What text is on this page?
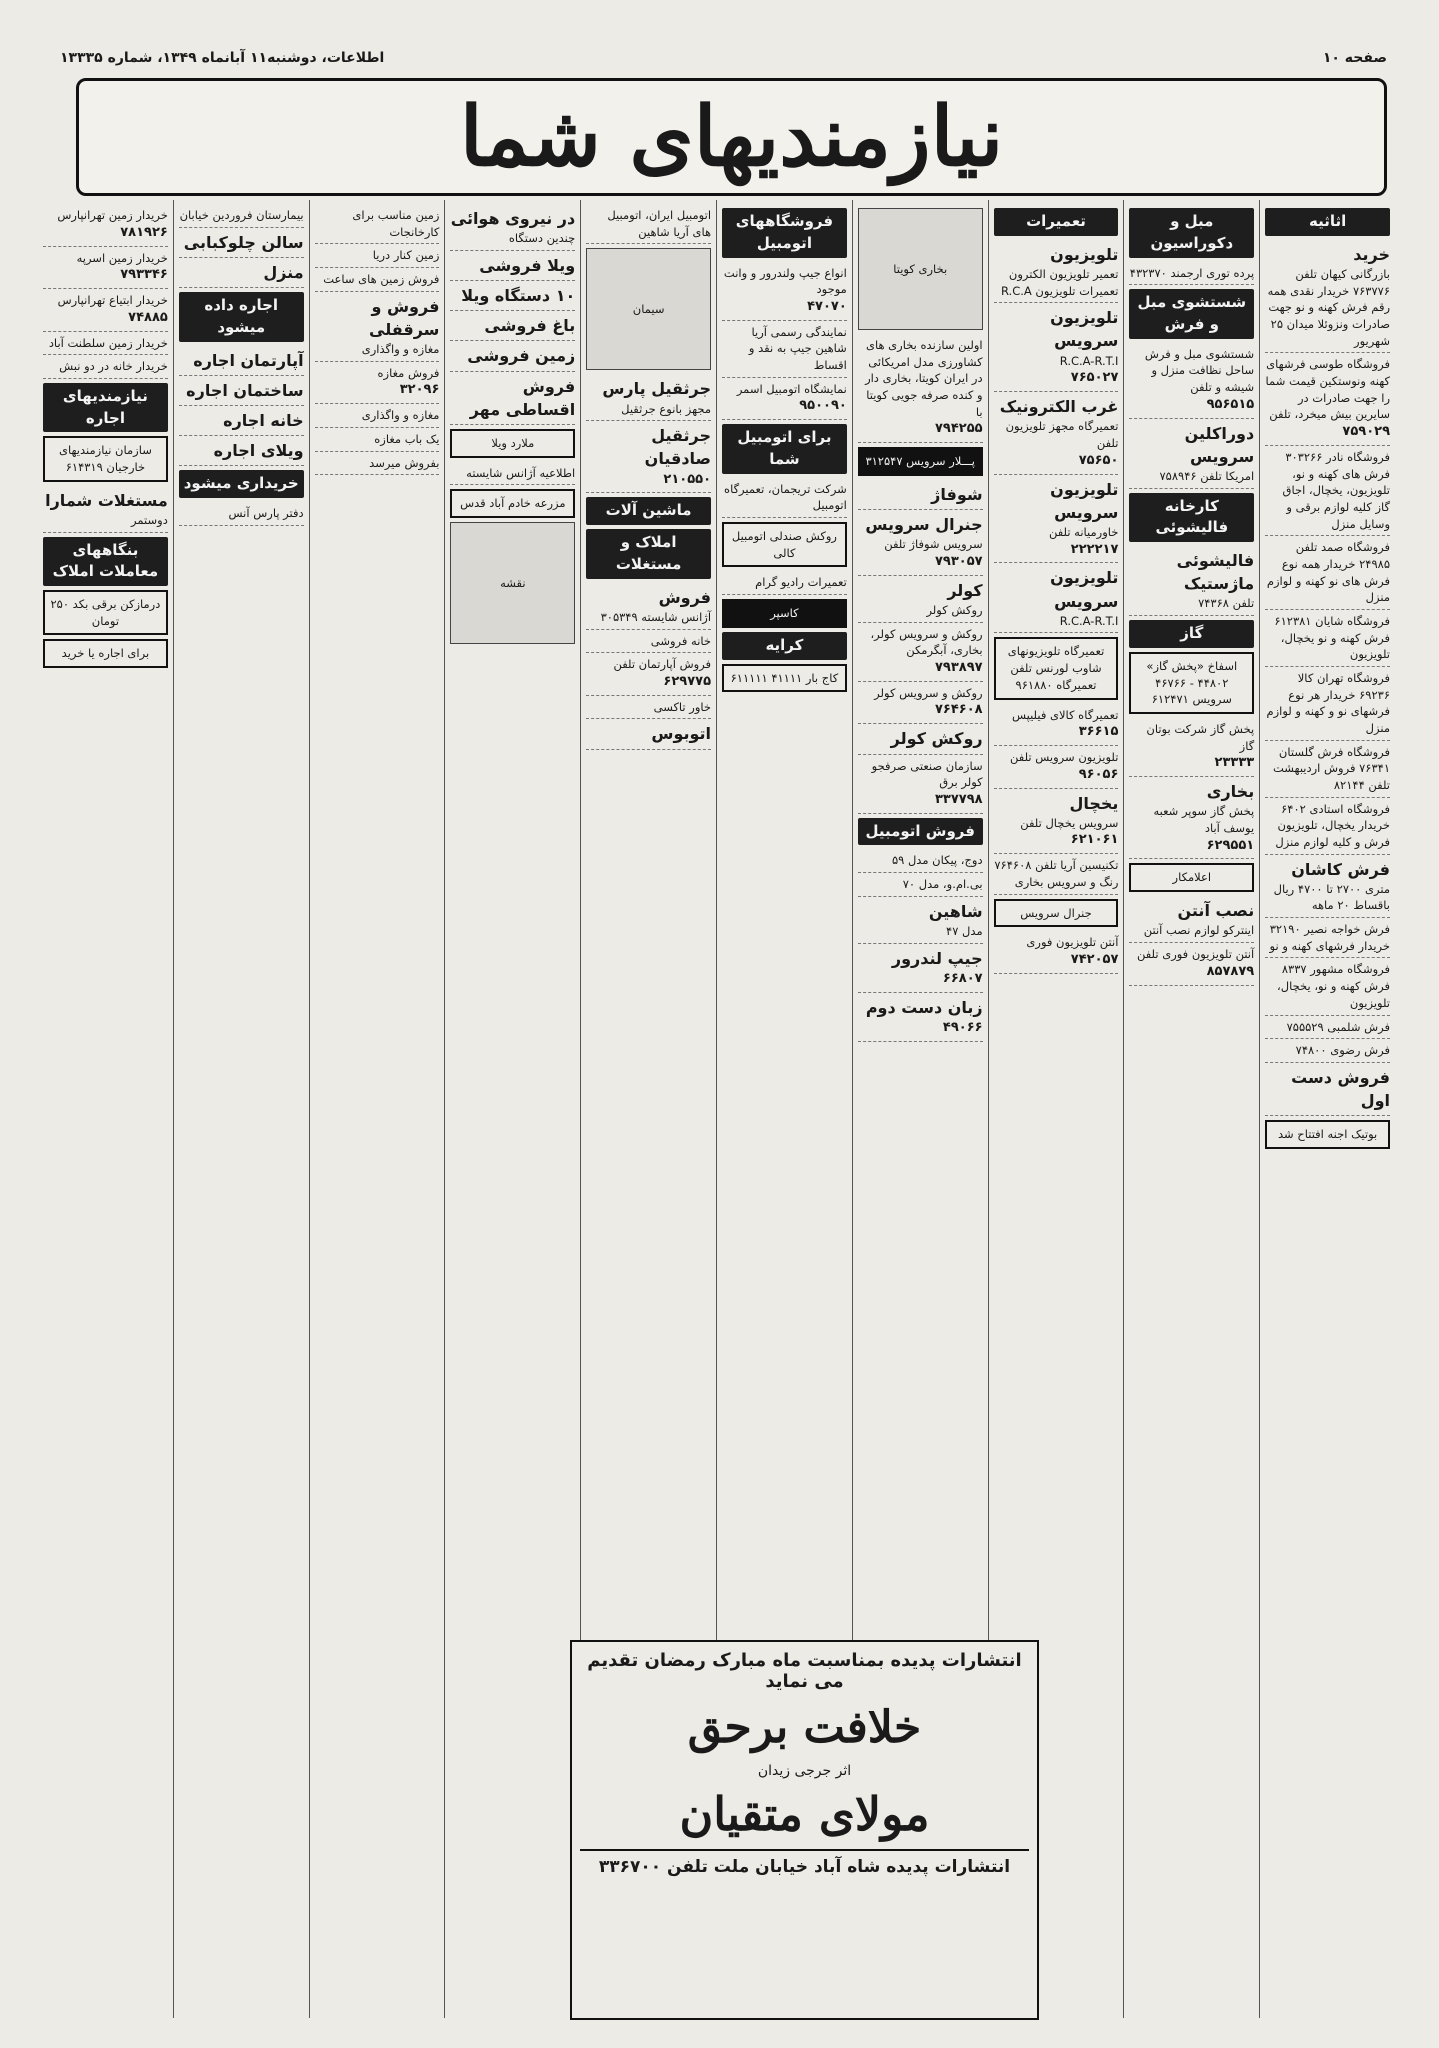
صفحه ۱۰
اطلاعات، دوشنبه۱۱ آبانماه ۱۳۴۹، شماره ۱۳۳۳۵
نیازمندیهای شما
اثاثیه
خرید
بازرگانی کیهان تلفن ۷۶۳۷۷۶ خریدار نقدی همه رقم فرش کهنه و نو جهت صادرات ونزوئلا میدان ۲۵ شهریور
فروشگاه طوسی فرشهای کهنه ونوستکین قیمت شما را جهت صادرات در سایرین بیش میخرد، تلفن
۷۵۹۰۲۹
فروشگاه نادر ۳۰۳۲۶۶ فرش های کهنه و نو، تلویزیون، یخچال، اجاق گاز کلیه لوازم برقی و وسایل منزل
فروشگاه صمد تلفن ۲۴۹۸۵ خریدار همه نوع فرش های نو کهنه و لوازم منزل
فروشگاه شایان ۶۱۲۳۸۱ فرش کهنه و نو یخچال، تلویزیون
فروشگاه تهران کالا ۶۹۲۳۶ خریدار هر نوع فرشهای نو و کهنه و لوازم منزل
فروشگاه فرش گلستان ۷۶۳۴۱ فروش اردیبهشت تلفن ۸۲۱۴۴
فروشگاه استادی ۶۴۰۲ خریدار یخچال، تلویزیون فرش و کلیه لوازم منزل
فرش کاشان
متری ۲۷۰۰ تا ۴۷۰۰ ریال باقساط ۲۰ ماهه
فرش خواجه نصیر ۳۲۱۹۰ خریدار فرشهای کهنه و نو
فروشگاه مشهور ۸۳۳۷ فرش کهنه و نو، یخچال، تلویزیون
فرش شلمبی ۷۵۵۵۲۹
فرش رضوی ۷۴۸۰۰
فروش دست اول
بوتیک اجنه افتتاح شد
مبل و دکوراسیون
پرده توری ارجمند ۴۳۲۳۷۰
شستشوی مبل و فرش
شستشوی مبل و فرش ساحل نظافت منزل و شیشه و تلفن
۹۵۶۵۱۵
دوراکلین سرویس
امریکا تلفن ۷۵۸۹۴۶
کارخانه فالیشوئی
فالیشوئی ماژستیک
تلفن ۷۴۳۶۸
گاز
اسفاخ «پخش گاز» ۴۴۸۰۲ - ۴۶۷۶۶ سرویس ۶۱۲۴۷۱
پخش گاز شرکت بوتان گاز
۲۳۳۳۳
بخاری
پخش گاز سوپر شعبه یوسف آباد
۶۲۹۵۵۱
اعلامکار
نصب آنتن
اینترکو لوازم نصب آنتن
آنتن تلویزیون فوری تلفن
۸۵۷۸۷۹
تعمیرات
تلویزیون
تعمیر تلویزیون الکترون تعمیرات تلویزیون R.C.A
تلویزیون سرویس
R.C.A-R.T.I
۷۶۵۰۲۷
غرب الکترونیک
تعمیرگاه مجهز تلویزیون تلفن
۷۵۶۵۰
تلویزیون سرویس
خاورمیانه تلفن
۲۲۲۲۱۷
تلویزیون سرویس
R.C.A-R.T.I
تعمیرگاه تلویزیونهای شاوب لورنس تلفن تعمیرگاه ۹۶۱۸۸۰
تعمیرگاه کالای فیلیپس
۳۶۶۱۵
تلویزیون سرویس تلفن
۹۶۰۵۶
یخچال
سرویس یخچال تلفن
۶۲۱۰۶۱
تکنیسین آریا تلفن ۷۶۴۶۰۸ رنگ و سرویس بخاری
جنرال سرویس
آنتن تلویزیون فوری
۷۴۲۰۵۷
بخاری کویتا
اولین سازنده بخاری های کشاورزی مدل امریکائی در ایران کویتا، بخاری دار و کنده صرفه جویی کویتا با
۷۹۴۲۵۵
پـــلار سرویس ۳۱۲۵۴۷
شوفاژ
جنرال سرویس
سرویس شوفاژ تلفن
۷۹۳۰۵۷
کولر
روکش کولر
روکش و سرویس کولر، بخاری، آبگرمکن
۷۹۳۸۹۷
روکش و سرویس کولر
۷۶۴۶۰۸
روکش کولر
سازمان صنعتی صرفجو کولر برق
۳۳۷۷۹۸
فروش اتومبیل
دوج، پیکان مدل ۵۹
بی.ام.و، مدل ۷۰
شاهین
مدل ۴۷
جیپ لندرور
۶۶۸۰۷
زبان دست دوم
۴۹۰۶۶
فروشگاههای اتومبیل
انواع جیپ ولندرور و وانت موجود
۴۷۰۷۰
نمایندگی رسمی آریا شاهین جیپ به نقد و اقساط
نمایشگاه اتومبیل اسمر
۹۵۰۰۹۰
برای اتومبیل شما
شرکت تریجمان، تعمیرگاه اتومبیل
روکش صندلی اتومبیل کالی
تعمیرات رادیو گرام
کاسپر
کرایه
کاج بار ۴۱۱۱۱ ۶۱۱۱۱۱
اتومبیل ایران، اتومبیل های آریا شاهین
سیمان
جرثقیل پارس
مجهز بانوع جرثقیل
جرثقیل صادقیان
۲۱۰۵۵۰
ماشین آلات
املاک و مستغلات
فروش
آژانس شایسته ۳۰۵۳۴۹
خانه فروشی
فروش آپارتمان تلفن
۶۲۹۷۷۵
خاور تاکسی
اتوبوس
در نیروی هوائی
چندین دستگاه
ویلا فروشی
۱۰ دستگاه ویلا
باغ فروشی
زمین فروشی
فروش اقساطی مهر
ملارد ویلا
اطلاعیه آژانس شایسته
مزرعه خادم آباد قدس
نقشه
زمین مناسب برای کارخانجات
زمین کنار دریا
فروش زمین های ساعت
فروش و سرقفلی
مغازه و واگذاری
فروش مغازه
۳۲۰۹۶
مغازه و واگذاری
یک باب مغازه
بفروش میرسد
بیمارستان فروردین خیابان
سالن چلوکبابی
منزل
اجاره داده میشود
آپارتمان اجاره
ساختمان اجاره
خانه اجاره
ویلای اجاره
خریداری میشود
دفتر پارس آنس
خریدار زمین تهرانپارس
۷۸۱۹۲۶
خریدار زمین اسرپه
۷۹۳۳۴۶
خریدار ابتیاع تهرانپارس
۷۴۸۸۵
خریدار زمین سلطنت آباد
خریدار خانه در دو نبش
نیازمندیهای اجاره
سازمان نیازمندیهای خارجیان ۶۱۴۳۱۹
مستغلات شمارا
دوستمر
بنگاههای معاملات املاک
درمازکن برقی بکد ۲۵۰ تومان
برای اجاره یا خرید
انتشارات پدیده بمناسبت ماه مبارک رمضان تقدیم می نماید
خلافت برحق
اثر جرجی زیدان
مولای متقیان
انتشارات پدیده شاه آباد خیابان ملت تلفن ۳۳۶۷۰۰
